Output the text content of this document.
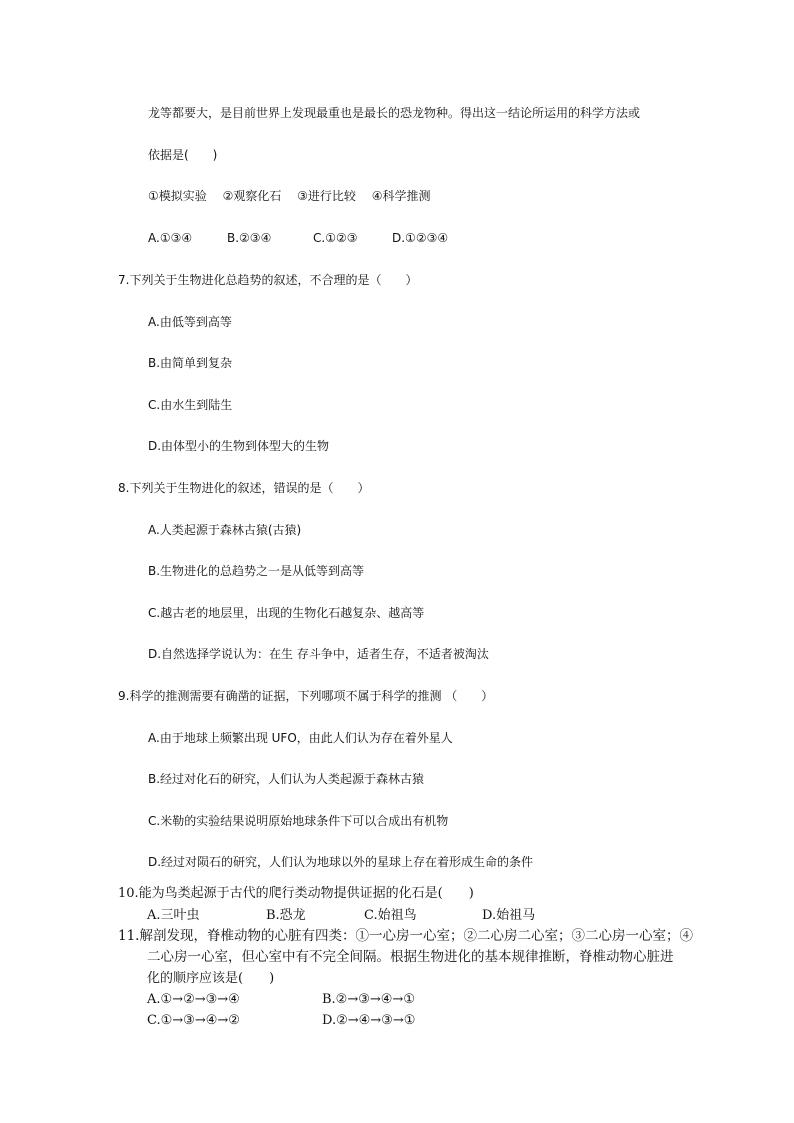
龙等都要大，是目前世界上发现最重也是最长的恐龙物种。得出这一结论所运用的科学方法或
依据是(　　)
①模拟实验　 ②观察化石　 ③进行比较　 ④科学推测
A.①③④	B.②③④	C.①②③	D.①②③④
7.下列关于生物进化总趋势的叙述，不合理的是（　　）
A.由低等到高等
B.由简单到复杂
C.由水生到陆生
D.由体型小的生物到体型大的生物
8.下列关于生物进化的叙述，错误的是（　　）
A.人类起源于森林古猿(古猿)
B.生物进化的总趋势之一是从低等到高等
C.越古老的地层里，出现的生物化石越复杂、越高等
D.自然选择学说认为：在生 存斗争中，适者生存，不适者被淘汰
9.科学的推测需要有确凿的证据，下列哪项不属于科学的推测 （　　）
A.由于地球上频繁出现 UFO，由此人们认为存在着外星人
B.经过对化石的研究，人们认为人类起源于森林古猿
C.米勒的实验结果说明原始地球条件下可以合成出有机物
D.经过对陨石的研究，人们认为地球以外的星球上存在着形成生命的条件
10.能为鸟类起源于古代的爬行类动物提供证据的化石是(　　)
A.三叶虫	B.恐龙	C.始祖鸟	D.始祖马
11.解剖发现，脊椎动物的心脏有四类：①一心房一心室；②二心房二心室；③二心房一心室；④
二心房一心室，但心室中有不完全间隔。根据生物进化的基本规律推断，脊椎动物心脏进
化的顺序应该是(　　)
A.①→②→③→④	B.②→③→④→①
C.①→③→④→②	D.②→④→③→①
